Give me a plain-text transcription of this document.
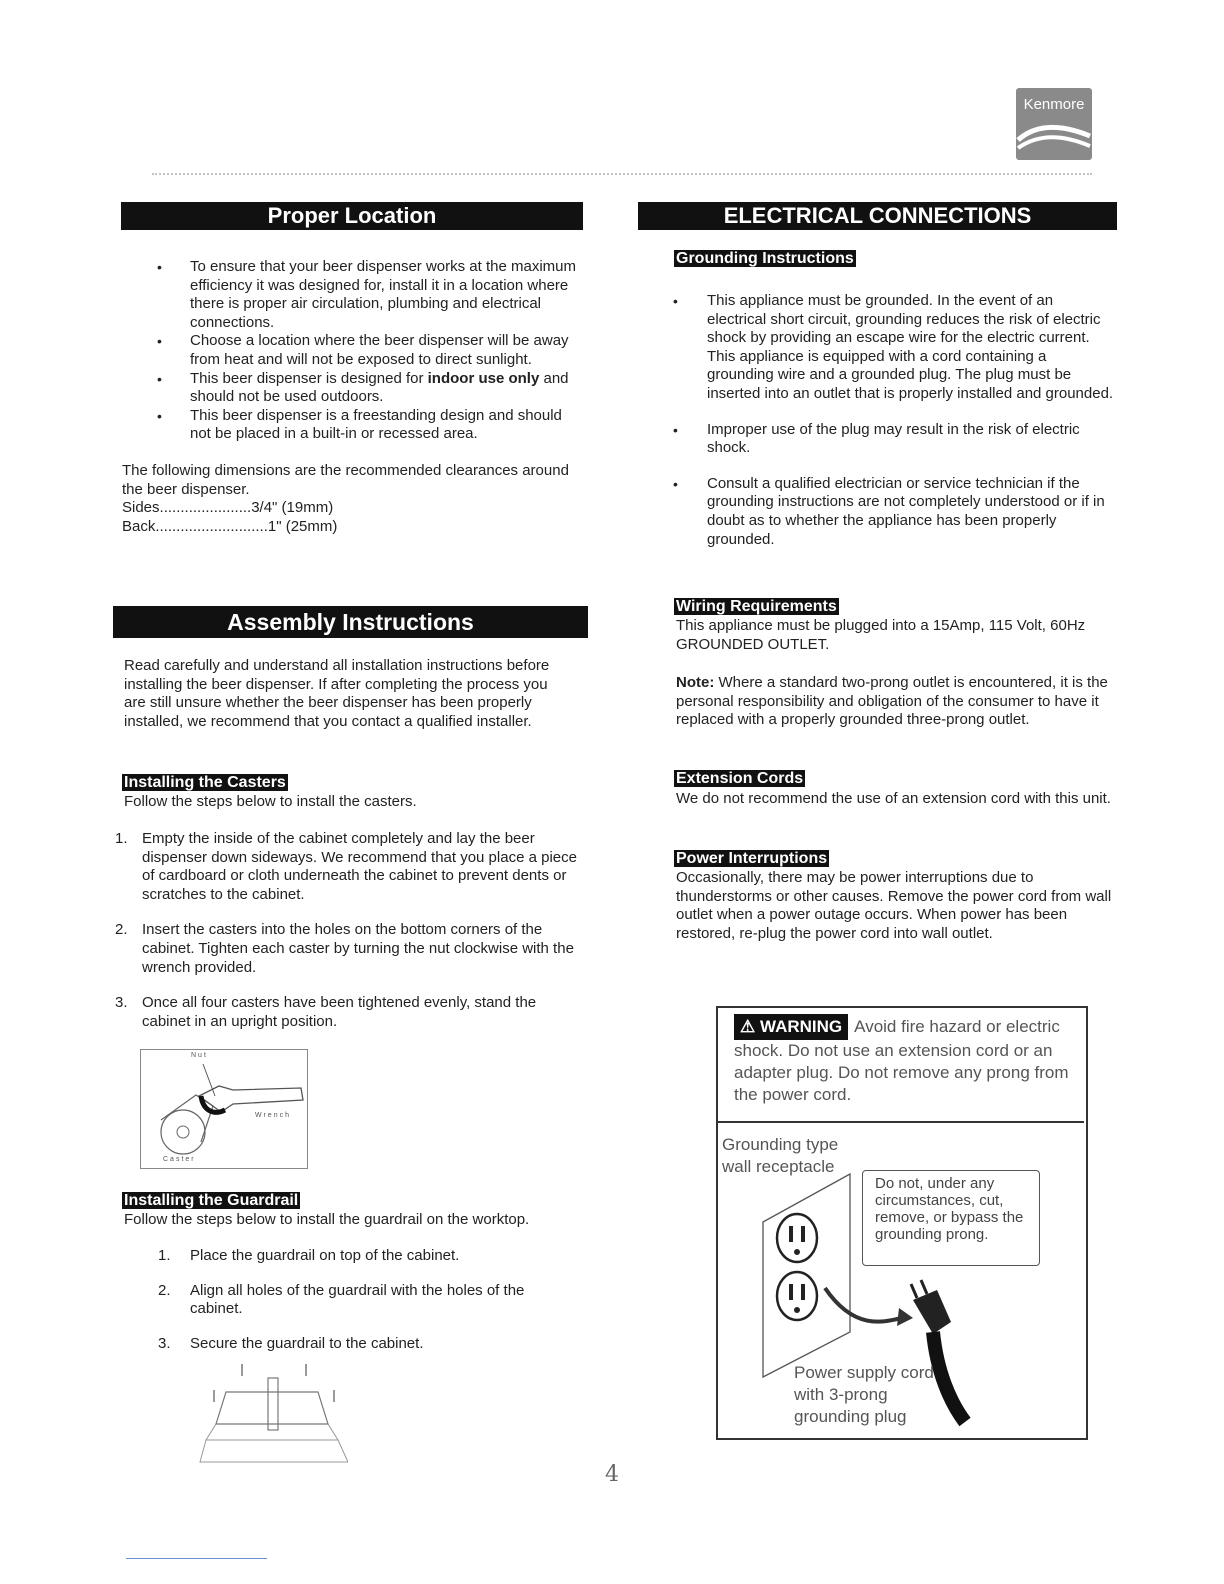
Kenmore
Proper Location
• To ensure that your beer dispenser works at the maximum efficiency it was designed for, install it in a location where there is proper air circulation, plumbing and electrical connections.
• Choose a location where the beer dispenser will be away from heat and will not be exposed to direct sunlight.
• This beer dispenser is designed for indoor use only and should not be used outdoors.
• This beer dispenser is a freestanding design and should not be placed in a built-in or recessed area.
The following dimensions are the recommended clearances around the beer dispenser.
Sides......................3/4" (19mm)
Back...........................1" (25mm)
Assembly Instructions
Read carefully and understand all installation instructions before installing the beer dispenser. If after completing the process you are still unsure whether the beer dispenser has been properly installed, we recommend that you contact a qualified installer.
Installing the Casters
Follow the steps below to install the casters.
1. Empty the inside of the cabinet completely and lay the beer dispenser down sideways. We recommend that you place a piece of cardboard or cloth underneath the cabinet to prevent dents or scratches to the cabinet.
2. Insert the casters into the holes on the bottom corners of the cabinet. Tighten each caster by turning the nut clockwise with the wrench provided.
3. Once all four casters have been tightened evenly, stand the cabinet in an upright position.
Nut
Wrench
Caster
Installing the Guardrail
Follow the steps below to install the guardrail on the worktop.
1. Place the guardrail on top of the cabinet.
2. Align all holes of the guardrail with the holes of the cabinet.
3. Secure the guardrail to the cabinet.
ELECTRICAL CONNECTIONS
Grounding Instructions
• This appliance must be grounded. In the event of an electrical short circuit, grounding reduces the risk of electric shock by providing an escape wire for the electric current. This appliance is equipped with a cord containing a grounding wire and a grounded plug. The plug must be inserted into an outlet that is properly installed and grounded.
• Improper use of the plug may result in the risk of electric shock.
• Consult a qualified electrician or service technician if the grounding instructions are not completely understood or if in doubt as to whether the appliance has been properly grounded.
Wiring Requirements
This appliance must be plugged into a 15Amp, 115 Volt, 60Hz GROUNDED OUTLET.
Note: Where a standard two-prong outlet is encountered, it is the personal responsibility and obligation of the consumer to have it replaced with a properly grounded three-prong outlet.
Extension Cords
We do not recommend the use of an extension cord with this unit.
Power Interruptions
Occasionally, there may be power interruptions due to thunderstorms or other causes. Remove the power cord from wall outlet when a power outage occurs. When power has been restored, re-plug the power cord into wall outlet.
⚠ WARNING Avoid fire hazard or electric shock. Do not use an extension cord or an adapter plug. Do not remove any prong from the power cord.
Grounding type wall receptacle
Do not, under any circumstances, cut, remove, or bypass the grounding prong.
Power supply cord with 3-prong grounding plug
4
